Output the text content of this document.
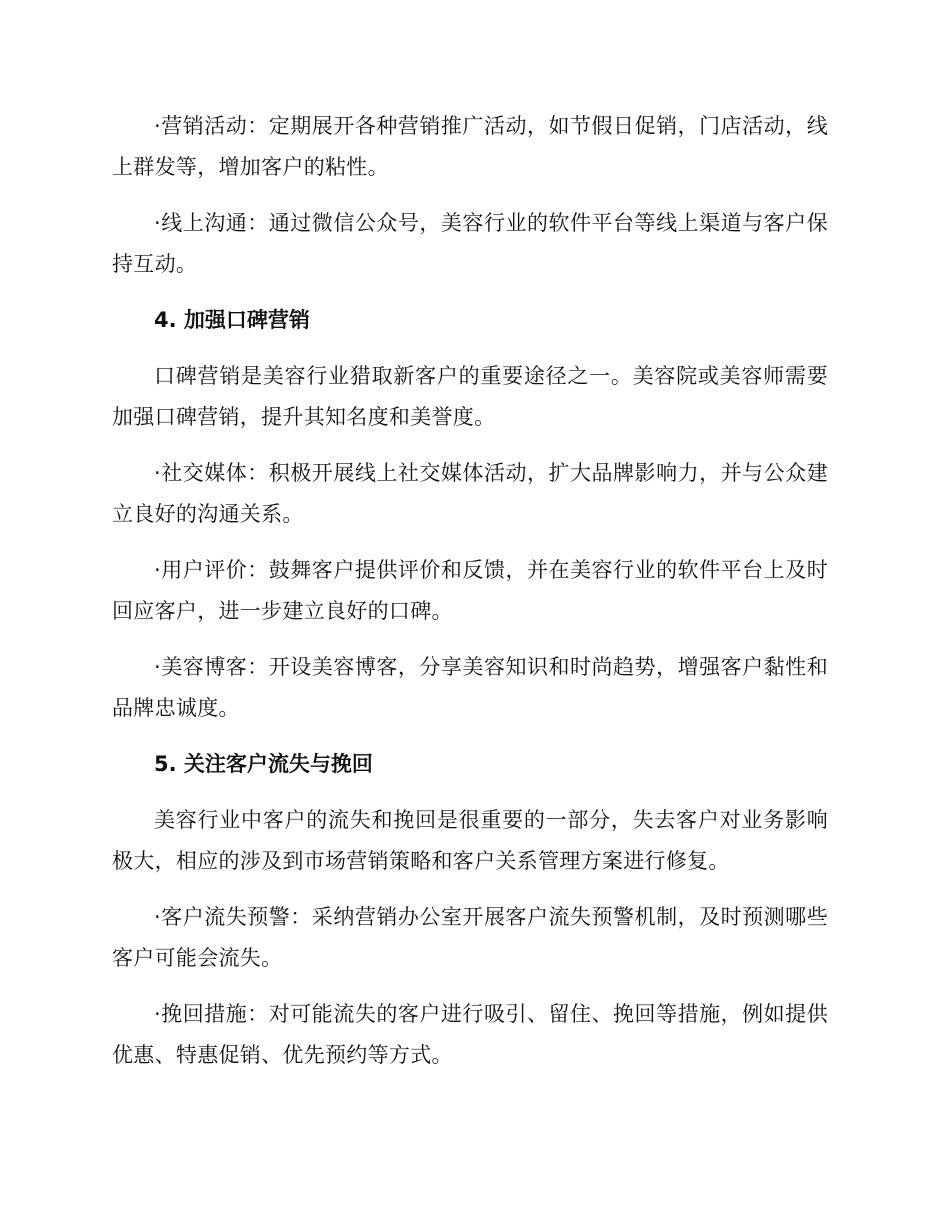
·营销活动：定期展开各种营销推广活动，如节假日促销，门店活动，线上群发等，增加客户的粘性。

·线上沟通：通过微信公众号，美容行业的软件平台等线上渠道与客户保持互动。

4. 加强口碑营销

口碑营销是美容行业猎取新客户的重要途径之一。美容院或美容师需要加强口碑营销，提升其知名度和美誉度。

·社交媒体：积极开展线上社交媒体活动，扩大品牌影响力，并与公众建立良好的沟通关系。

·用户评价：鼓舞客户提供评价和反馈，并在美容行业的软件平台上及时回应客户，进一步建立良好的口碑。

·美容博客：开设美容博客，分享美容知识和时尚趋势，增强客户黏性和品牌忠诚度。

5. 关注客户流失与挽回

美容行业中客户的流失和挽回是很重要的一部分，失去客户对业务影响极大，相应的涉及到市场营销策略和客户关系管理方案进行修复。

·客户流失预警：采纳营销办公室开展客户流失预警机制，及时预测哪些客户可能会流失。

·挽回措施：对可能流失的客户进行吸引、留住、挽回等措施，例如提供优惠、特惠促销、优先预约等方式。
